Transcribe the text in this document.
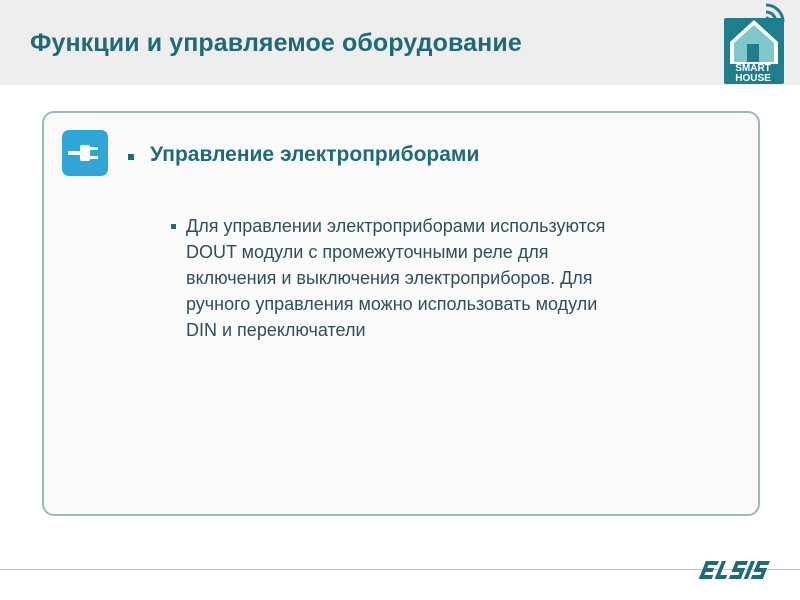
Функции и управляемое оборудование
SMART
HOUSE
Управление электроприборами
Для управлении электроприборами используются
DOUT модули с промежуточными реле для
включения и выключения электроприборов. Для
ручного управления можно использовать модули
DIN и переключатели
